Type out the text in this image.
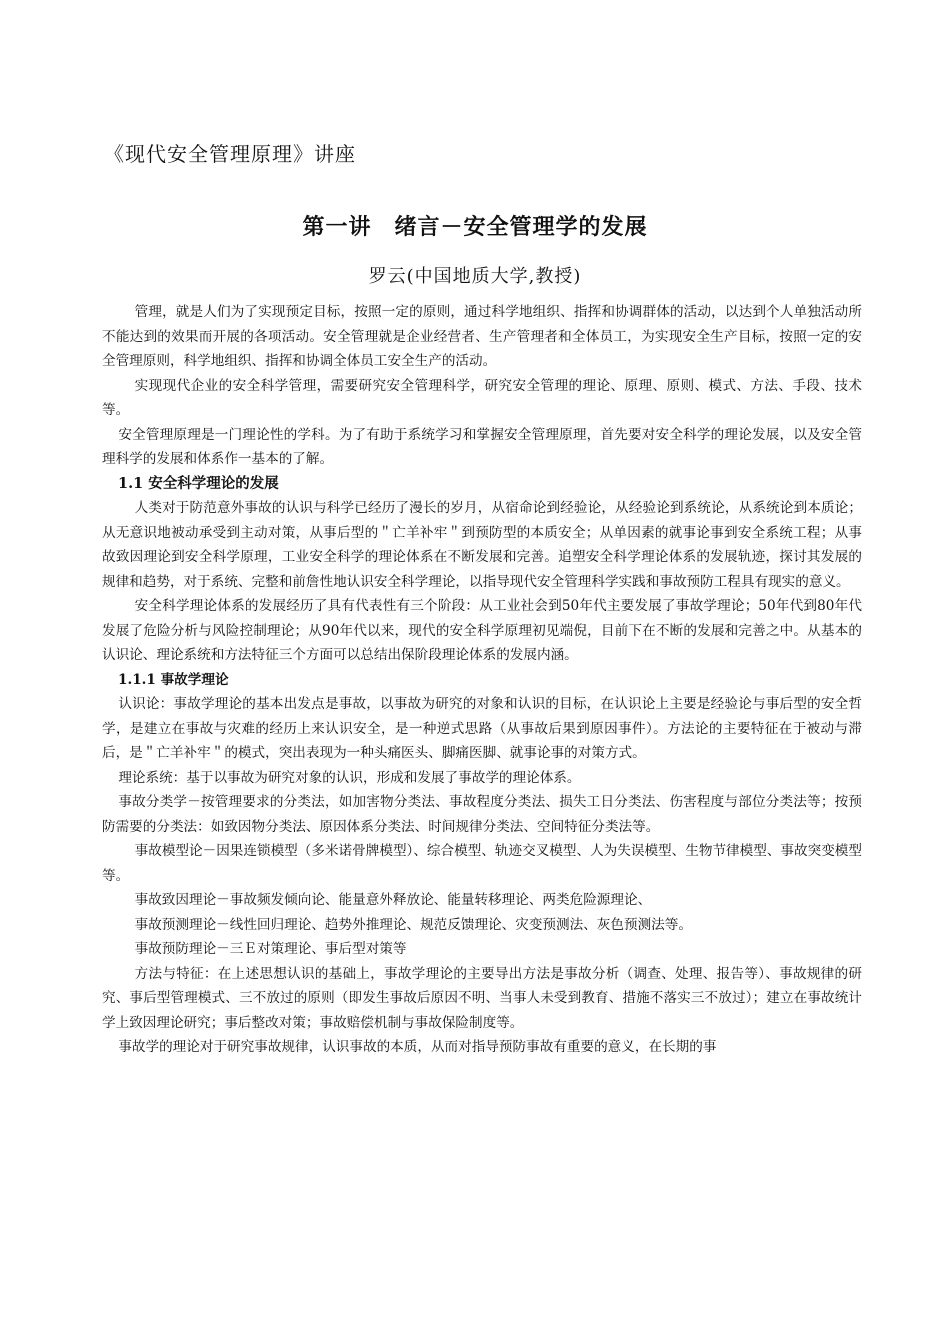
《现代安全管理原理》讲座
第一讲　绪言－安全管理学的发展
罗云(中国地质大学,教授)

管理，就是人们为了实现预定目标，按照一定的原则，通过科学地组织、指挥和协调群体的活动，以达到个人单独活动所不能达到的效果而开展的各项活动。安全管理就是企业经营者、生产管理者和全体员工，为实现安全生产目标，按照一定的安全管理原则，科学地组织、指挥和协调全体员工安全生产的活动。

实现现代企业的安全科学管理，需要研究安全管理科学，研究安全管理的理论、原理、原则、模式、方法、手段、技术等。

安全管理原理是一门理论性的学科。为了有助于系统学习和掌握安全管理原理，首先要对安全科学的理论发展，以及安全管理科学的发展和体系作一基本的了解。

1.1 安全科学理论的发展

人类对于防范意外事故的认识与科学已经历了漫长的岁月，从宿命论到经验论，从经验论到系统论，从系统论到本质论；从无意识地被动承受到主动对策，从事后型的＂亡羊补牢＂到预防型的本质安全；从单因素的就事论事到安全系统工程；从事故致因理论到安全科学原理，工业安全科学的理论体系在不断发展和完善。追塑安全科学理论体系的发展轨迹，探讨其发展的规律和趋势，对于系统、完整和前詹性地认识安全科学理论，以指导现代安全管理科学实践和事故预防工程具有现实的意义。

安全科学理论体系的发展经历了具有代表性有三个阶段：从工业社会到50年代主要发展了事故学理论；50年代到80年代发展了危险分析与风险控制理论；从90年代以来，现代的安全科学原理初见端倪，目前下在不断的发展和完善之中。从基本的认识论、理论系统和方法特征三个方面可以总结出保阶段理论体系的发展内涵。

1.1.1 事故学理论

认识论：事故学理论的基本出发点是事故，以事故为研究的对象和认识的目标，在认识论上主要是经验论与事后型的安全哲学，是建立在事故与灾难的经历上来认识安全，是一种逆式思路（从事故后果到原因事件）。方法论的主要特征在于被动与滞后，是＂亡羊补牢＂的模式，突出表现为一种头痛医头、脚痛医脚、就事论事的对策方式。

理论系统：基于以事故为研究对象的认识，形成和发展了事故学的理论体系。

事故分类学－按管理要求的分类法，如加害物分类法、事故程度分类法、损失工日分类法、伤害程度与部位分类法等；按预防需要的分类法：如致因物分类法、原因体系分类法、时间规律分类法、空间特征分类法等。

事故模型论－因果连锁模型（多米诺骨牌模型）、综合模型、轨迹交叉模型、人为失误模型、生物节律模型、事故突变模型等。

事故致因理论－事故频发倾向论、能量意外释放论、能量转移理论、两类危险源理论、

事故预测理论－线性回归理论、趋势外推理论、规范反馈理论、灾变预测法、灰色预测法等。

事故预防理论－三Ｅ对策理论、事后型对策等

方法与特征：在上述思想认识的基础上，事故学理论的主要导出方法是事故分析（调查、处理、报告等）、事故规律的研究、事后型管理模式、三不放过的原则（即发生事故后原因不明、当事人未受到教育、措施不落实三不放过）；建立在事故统计学上致因理论研究；事后整改对策；事故赔偿机制与事故保险制度等。

事故学的理论对于研究事故规律，认识事故的本质，从而对指导预防事故有重要的意义，在长期的事
